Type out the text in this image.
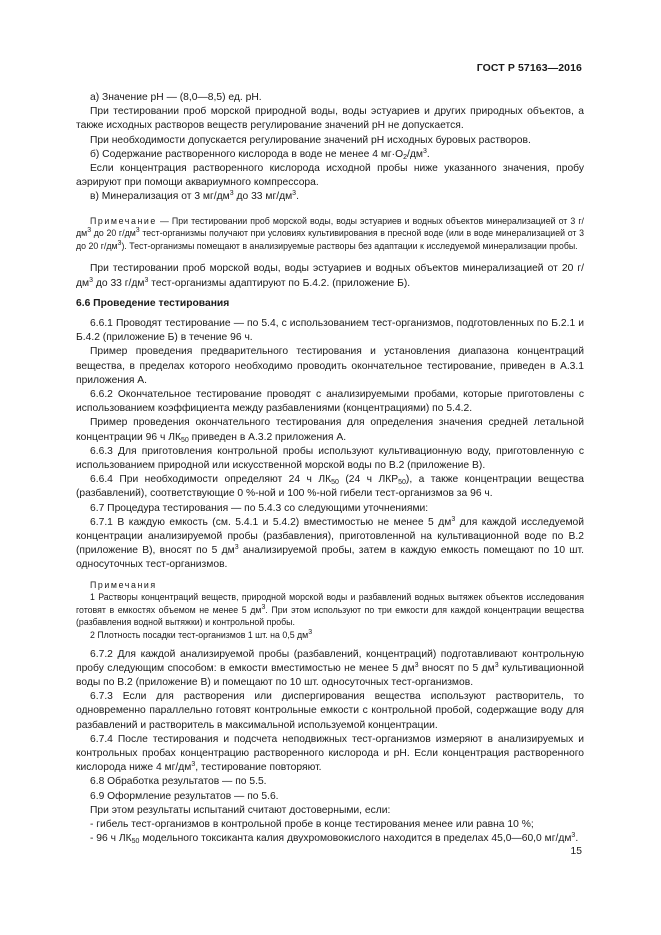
ГОСТ Р 57163—2016

а) Значение pH — (8,0—8,5) ед. pH.

При тестировании проб морской природной воды, воды эстуариев и других природных объектов, а также исходных растворов веществ регулирование значений pH не допускается.

При необходимости допускается регулирование значений pH исходных буровых растворов.

б) Содержание растворенного кислорода в воде не менее 4 $мг\cdot O_2/дм^3$.

Если концентрация растворенного кислорода исходной пробы ниже указанного значения, пробу аэрируют при помощи аквариумного компрессора.

в) Минерализация от 3 $мг/дм^3$ до 33 $мг/дм^3$.

Примечание — При тестировании проб морской воды, воды эстуариев и водных объектов минерализацией от 3 $г/дм^3$ до 20 $г/дм^3$ тест-организмы получают при условиях культивирования в пресной воде (или в воде минерализацией от 3 до 20 $г/дм^3$). Тест-организмы помещают в анализируемые растворы без адаптации к исследуемой минерализации пробы.

При тестировании проб морской воды, воды эстуариев и водных объектов минерализацией от 20 $г/дм^3$ до 33 $г/дм^3$ тест-организмы адаптируют по Б.4.2. (приложение Б).

6.6 Проведение тестирования

6.6.1 Проводят тестирование — по 5.4, с использованием тест-организмов, подготовленных по Б.2.1 и Б.4.2 (приложение Б) в течение 96 ч.

Пример проведения предварительного тестирования и установления диапазона концентраций вещества, в пределах которого необходимо проводить окончательное тестирование, приведен в А.3.1 приложения А.

6.6.2 Окончательное тестирование проводят с анализируемыми пробами, которые приготовлены с использованием коэффициента между разбавлениями (концентрациями) по 5.4.2.

Пример проведения окончательного тестирования для определения значения средней летальной концентрации 96 ч $ЛК_{50}$ приведен в А.3.2 приложения А.

6.6.3 Для приготовления контрольной пробы используют культивационную воду, приготовленную с использованием природной или искусственной морской воды по В.2 (приложение В).

6.6.4 При необходимости определяют 24 ч $ЛК_{50}$ (24 ч $ЛКР_{50}$), а также концентрации вещества (разбавлений), соответствующие 0 %-ной и 100 %-ной гибели тест-организмов за 96 ч.

6.7 Процедура тестирования — по 5.4.3 со следующими уточнениями:

6.7.1 В каждую емкость (см. 5.4.1 и 5.4.2) вместимостью не менее 5 $дм^3$ для каждой исследуемой концентрации анализируемой пробы (разбавления), приготовленной на культивационной воде по В.2 (приложение В), вносят по 5 $дм^3$ анализируемой пробы, затем в каждую емкость помещают по 10 шт. односуточных тест-организмов.

Примечания

1 Растворы концентраций веществ, природной морской воды и разбавлений водных вытяжек объектов исследования готовят в емкостях объемом не менее 5 $дм^3$. При этом используют по три емкости для каждой концентрации вещества (разбавления водной вытяжки) и контрольной пробы.

2 Плотность посадки тест-организмов 1 шт. на 0,5 $дм^3$

6.7.2 Для каждой анализируемой пробы (разбавлений, концентраций) подготавливают контрольную пробу следующим способом: в емкости вместимостью не менее 5 $дм^3$ вносят по 5 $дм^3$ культивационной воды по В.2 (приложение В) и помещают по 10 шт. односуточных тест-организмов.

6.7.3 Если для растворения или диспергирования вещества используют растворитель, то одновременно параллельно готовят контрольные емкости с контрольной пробой, содержащие воду для разбавлений и растворитель в максимальной используемой концентрации.

6.7.4 После тестирования и подсчета неподвижных тест-организмов измеряют в анализируемых и контрольных пробах концентрацию растворенного кислорода и pH. Если концентрация растворенного кислорода ниже 4 $мг/дм^3$, тестирование повторяют.

6.8 Обработка результатов — по 5.5.

6.9 Оформление результатов — по 5.6.

При этом результаты испытаний считают достоверными, если:

- гибель тест-организмов в контрольной пробе в конце тестирования менее или равна 10 %;

- 96 ч $ЛК_{50}$ модельного токсиканта калия двухромовокислого находится в пределах 45,0—60,0 $мг/дм^3$.

15
